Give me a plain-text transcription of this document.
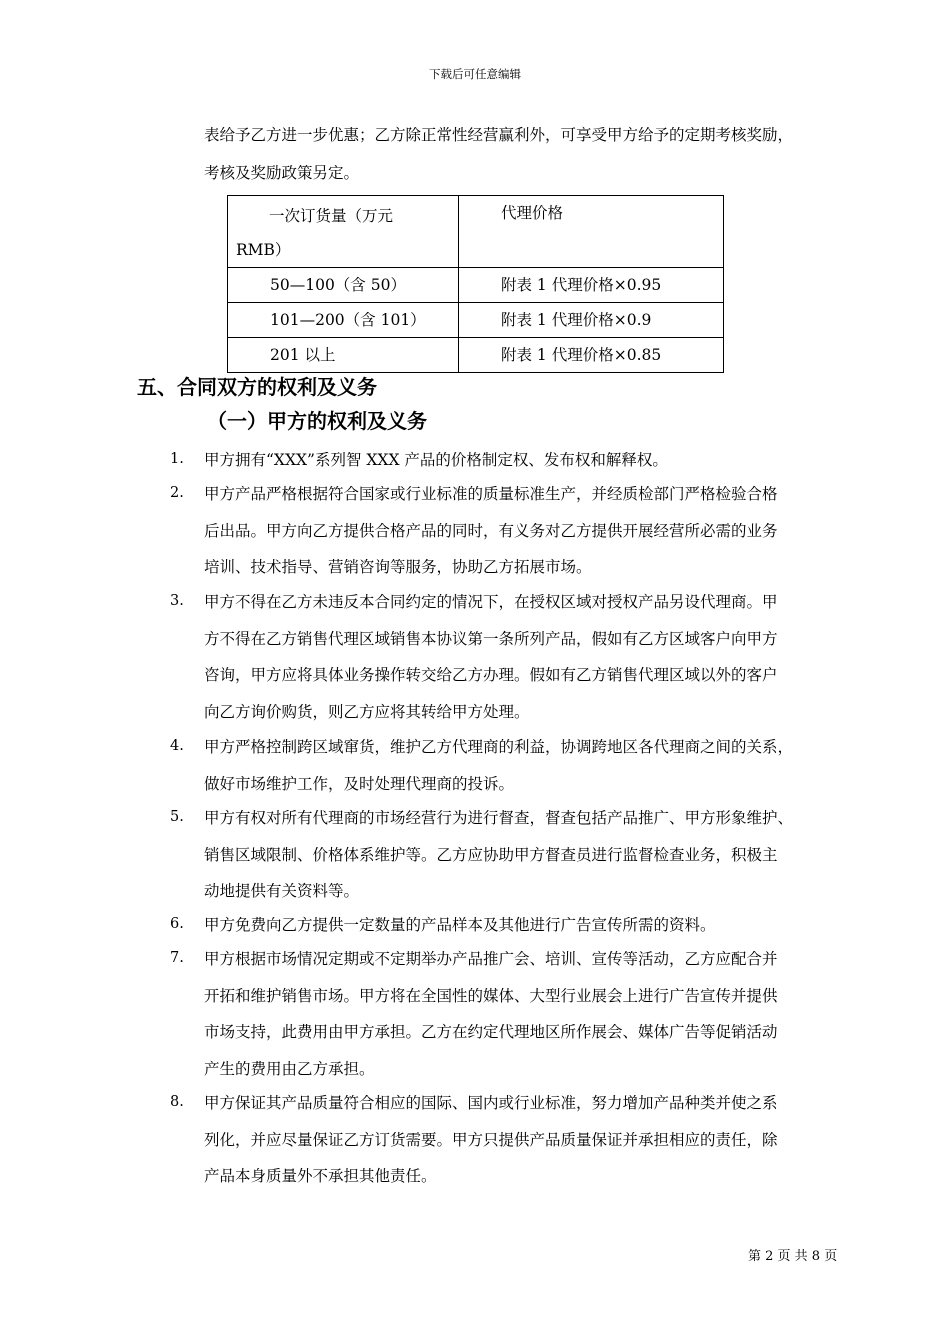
下载后可任意编辑
表给予乙方进一步优惠；乙方除正常性经营赢利外，可享受甲方给予的定期考核奖励，
考核及奖励政策另定。
一次订货量（万元
RMB）	代理价格

50—100（含 50）	附表 1 代理价格×0.95

101—200（含 101）	附表 1 代理价格×0.9

201 以上	附表 1 代理价格×0.85
五、合同双方的权利及义务
（一）甲方的权利及义务
1. 甲方拥有“XXX”系列智 XXX 产品的价格制定权、发布权和解释权。
2. 甲方产品严格根据符合国家或行业标准的质量标准生产，并经质检部门严格检验合格
后出品。甲方向乙方提供合格产品的同时，有义务对乙方提供开展经营所必需的业务
培训、技术指导、营销咨询等服务，协助乙方拓展市场。
3. 甲方不得在乙方未违反本合同约定的情况下，在授权区域对授权产品另设代理商。甲
方不得在乙方销售代理区域销售本协议第一条所列产品，假如有乙方区域客户向甲方
咨询，甲方应将具体业务操作转交给乙方办理。假如有乙方销售代理区域以外的客户
向乙方询价购货，则乙方应将其转给甲方处理。
4. 甲方严格控制跨区域窜货，维护乙方代理商的利益，协调跨地区各代理商之间的关系，
做好市场维护工作，及时处理代理商的投诉。
5. 甲方有权对所有代理商的市场经营行为进行督查，督查包括产品推广、甲方形象维护、
销售区域限制、价格体系维护等。乙方应协助甲方督查员进行监督检查业务，积极主
动地提供有关资料等。
6. 甲方免费向乙方提供一定数量的产品样本及其他进行广告宣传所需的资料。
7. 甲方根据市场情况定期或不定期举办产品推广会、培训、宣传等活动，乙方应配合并
开拓和维护销售市场。甲方将在全国性的媒体、大型行业展会上进行广告宣传并提供
市场支持，此费用由甲方承担。乙方在约定代理地区所作展会、媒体广告等促销活动
产生的费用由乙方承担。
8. 甲方保证其产品质量符合相应的国际、国内或行业标准，努力增加产品种类并使之系
列化，并应尽量保证乙方订货需要。甲方只提供产品质量保证并承担相应的责任，除
产品本身质量外不承担其他责任。
第 2 页 共 8 页
